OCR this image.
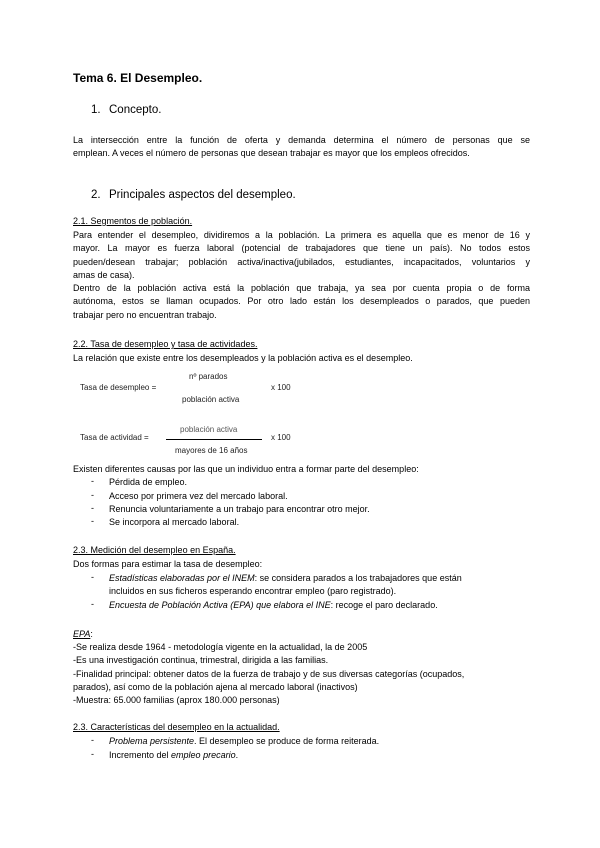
Tema 6. El Desempleo.
1. Concepto.
La intersección entre la función de oferta y demanda determina el número de personas que se
emplean. A veces el número de personas que desean trabajar es mayor que los empleos ofrecidos.
2. Principales aspectos del desempleo.
2.1. Segmentos de población.
Para entender el desempleo, dividiremos a la población. La primera es aquella que es menor de 16 y
mayor. La mayor es fuerza laboral (potencial de trabajadores que tiene un país). No todos estos
pueden/desean trabajar; población activa/inactiva(jubilados, estudiantes, incapacitados, voluntarios y
amas de casa).
Dentro de la población activa está la población que trabaja, ya sea por cuenta propia o de forma
autónoma, estos se llaman ocupados. Por otro lado están los desempleados o parados, que pueden
trabajar pero no encuentran trabajo.
2.2. Tasa de desempleo y tasa de actividades.
La relación que existe entre los desempleados y la población activa es el desempleo.
Tasa de desempleo =
nº parados
población activa
x 100
Tasa de actividad =
población activa
mayores de 16 años
x 100
Existen diferentes causas por las que un individuo entra a formar parte del desempleo:
- Pérdida de empleo.
- Acceso por primera vez del mercado laboral.
- Renuncia voluntariamente a un trabajo para encontrar otro mejor.
- Se incorpora al mercado laboral.
2.3. Medición del desempleo en España.
Dos formas para estimar la tasa de desempleo:
- Estadísticas elaboradas por el INEM: se considera parados a los trabajadores que están
incluidos en sus ficheros esperando encontrar empleo (paro registrado).
- Encuesta de Población Activa (EPA) que elabora el INE: recoge el paro declarado.
EPA:
-Se realiza desde 1964 - metodología vigente en la actualidad, la de 2005
-Es una investigación continua, trimestral, dirigida a las familias.
-Finalidad principal: obtener datos de la fuerza de trabajo y de sus diversas categorías (ocupados,
parados), así como de la población ajena al mercado laboral (inactivos)
-Muestra: 65.000 familias (aprox 180.000 personas)
2.3. Características del desempleo en la actualidad.
- Problema persistente. El desempleo se produce de forma reiterada.
- Incremento del empleo precario.
